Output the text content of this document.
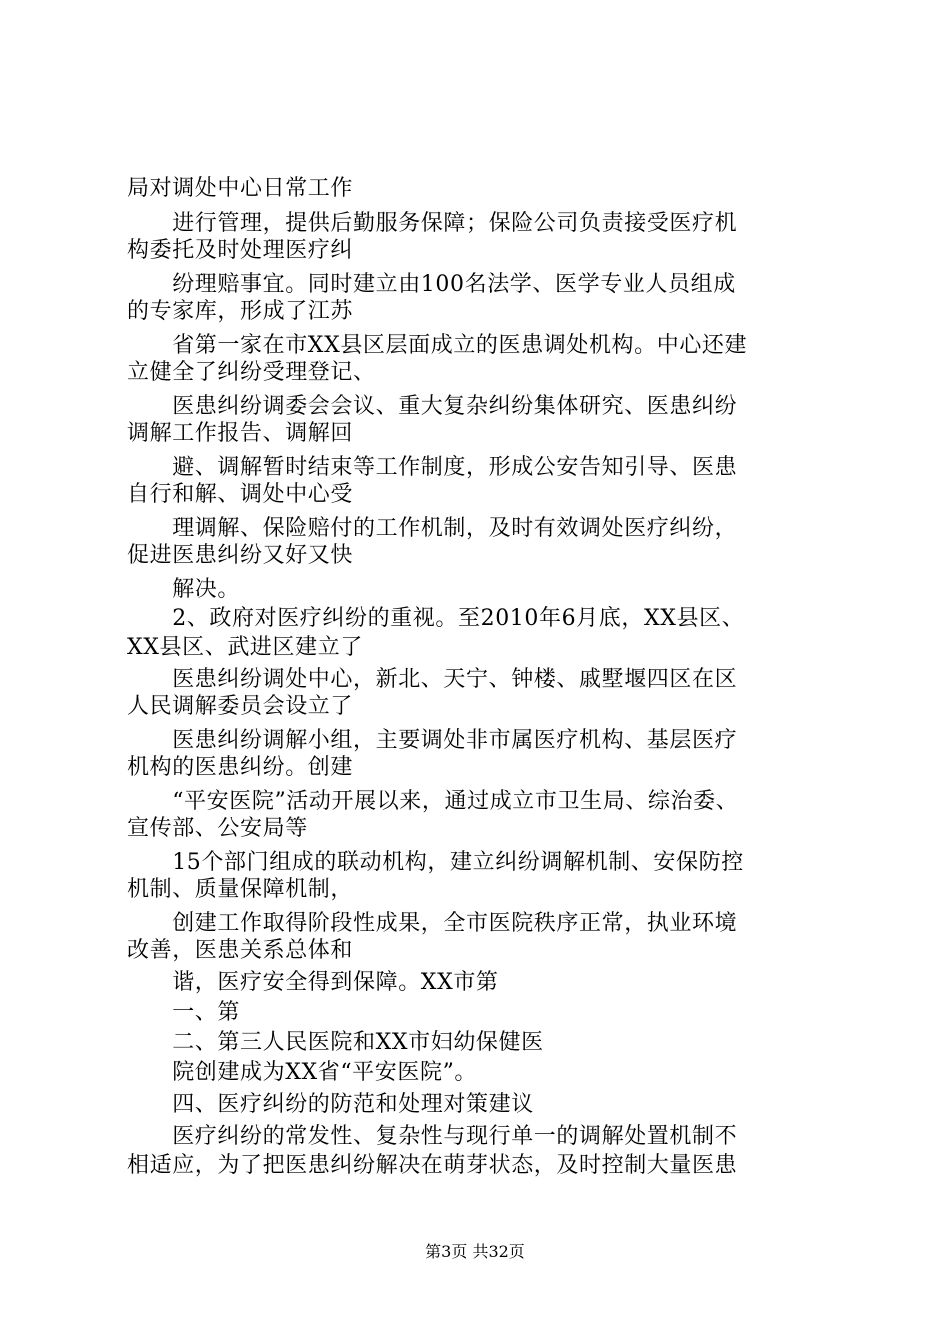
局对调处中心日常工作
　　进行管理，提供后勤服务保障；保险公司负责接受医疗机
构委托及时处理医疗纠
　　纷理赔事宜。同时建立由100名法学、医学专业人员组成
的专家库，形成了江苏
　　省第一家在市XX县区层面成立的医患调处机构。中心还建
立健全了纠纷受理登记、
　　医患纠纷调委会会议、重大复杂纠纷集体研究、医患纠纷
调解工作报告、调解回
　　避、调解暂时结束等工作制度，形成公安告知引导、医患
自行和解、调处中心受
　　理调解、保险赔付的工作机制，及时有效调处医疗纠纷，
促进医患纠纷又好又快
　　解决。
　　2、政府对医疗纠纷的重视。至2010年6月底，XX县区、
XX县区、武进区建立了
　　医患纠纷调处中心，新北、天宁、钟楼、戚墅堰四区在区
人民调解委员会设立了
　　医患纠纷调解小组，主要调处非市属医疗机构、基层医疗
机构的医患纠纷。创建
　　“平安医院”活动开展以来，通过成立市卫生局、综治委、
宣传部、公安局等
　　15个部门组成的联动机构，建立纠纷调解机制、安保防控
机制、质量保障机制，
　　创建工作取得阶段性成果，全市医院秩序正常，执业环境
改善，医患关系总体和
　　谐，医疗安全得到保障。XX市第
　　一、第
　　二、第三人民医院和XX市妇幼保健医
　　院创建成为XX省“平安医院”。
　　四、医疗纠纷的防范和处理对策建议
　　医疗纠纷的常发性、复杂性与现行单一的调解处置机制不
相适应，为了把医患纠纷解决在萌芽状态，及时控制大量医患
第3页 共32页
